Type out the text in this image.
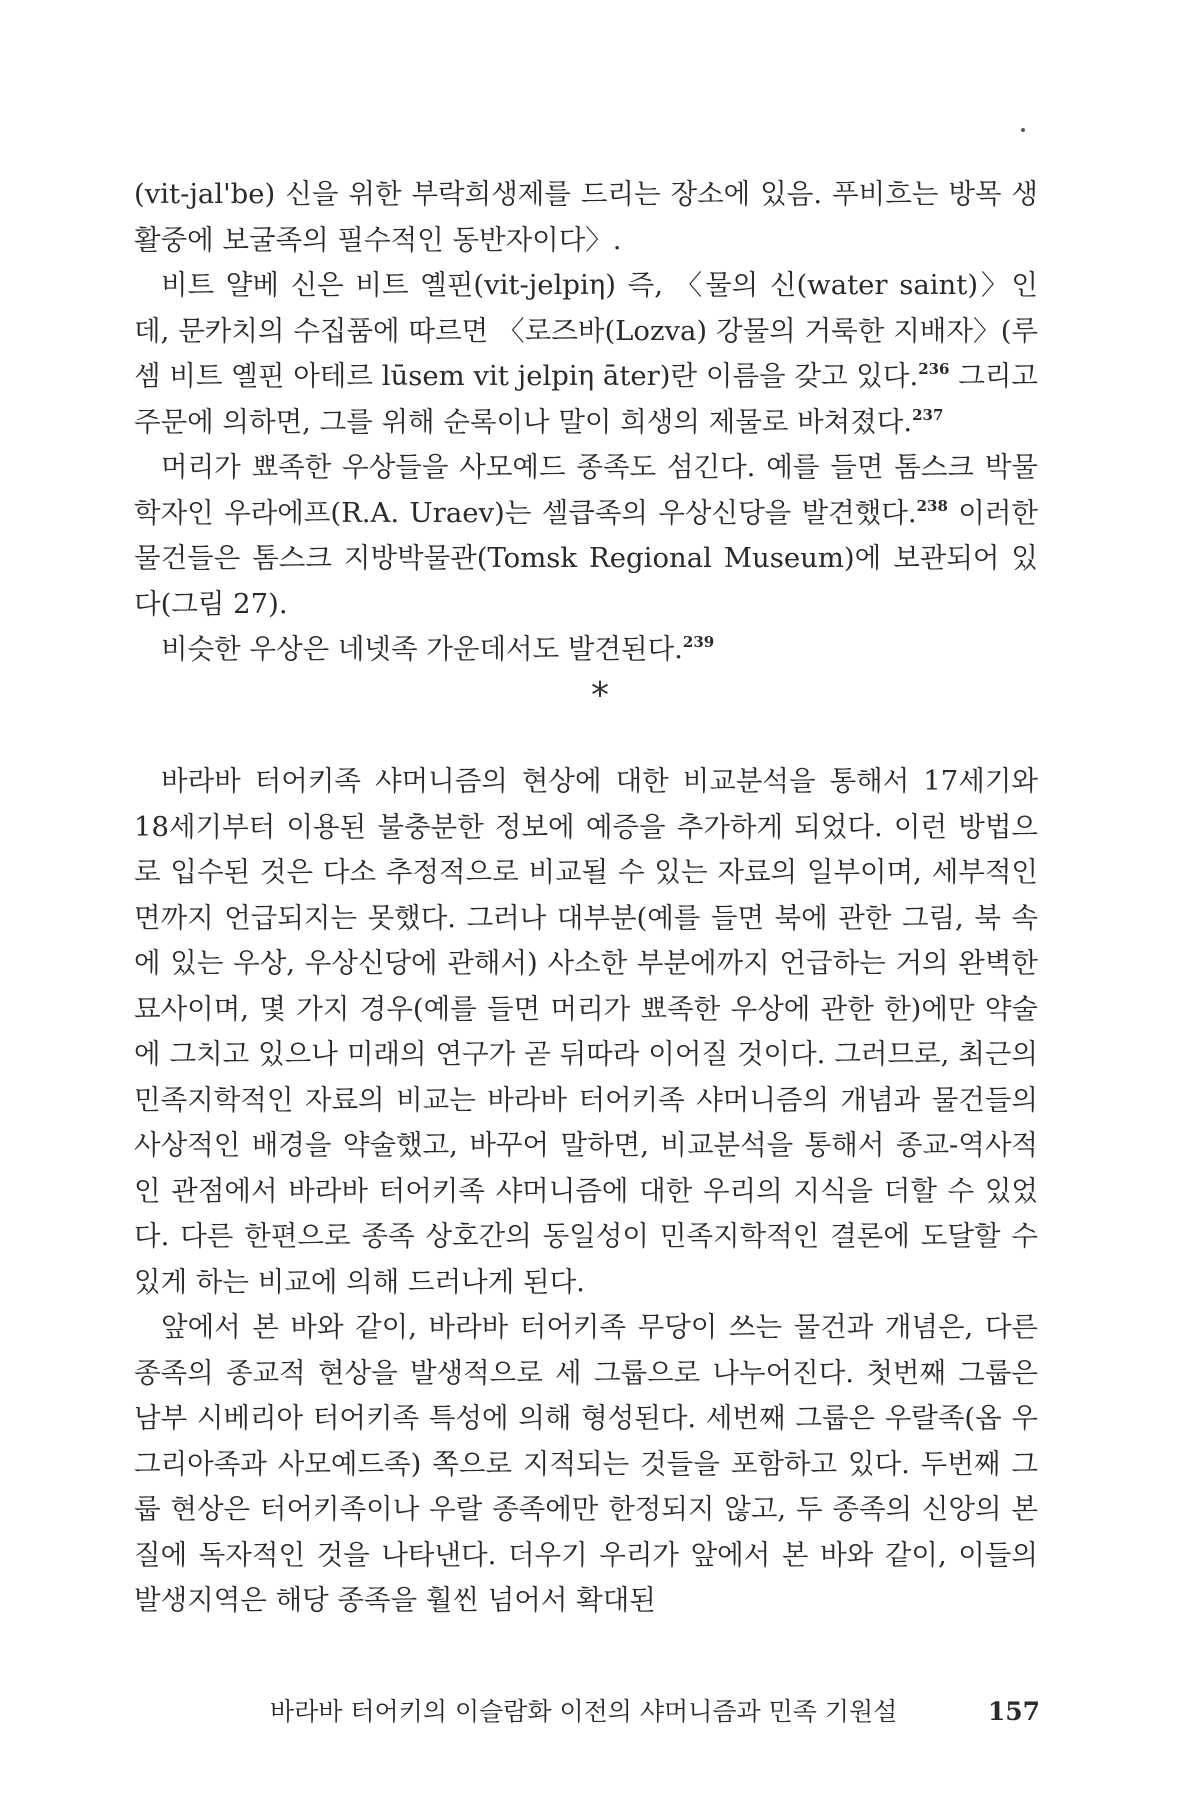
(vit-jal'be) 신을 위한 부락희생제를 드리는 장소에 있음. 푸비흐는 방목 생활중에 보굴족의 필수적인 동반자이다〉.

비트 얄베 신은 비트 옐핀(vit-jelpiη) 즉, 〈물의 신(water saint)〉인데, 문카치의 수집품에 따르면 〈로즈바(Lozva) 강물의 거룩한 지배자〉(루셈 비트 옐핀 아테르 lūsem vit jelpiη āter)란 이름을 갖고 있다.$^{236}$ 그리고 주문에 의하면, 그를 위해 순록이나 말이 희생의 제물로 바쳐졌다.$^{237}$

머리가 뾰족한 우상들을 사모예드 종족도 섬긴다. 예를 들면 톰스크 박물학자인 우라에프(R.A. Uraev)는 셀큽족의 우상신당을 발견했다.$^{238}$ 이러한 물건들은 톰스크 지방박물관(Tomsk Regional Museum)에 보관되어 있다(그림 27).

비슷한 우상은 네넷족 가운데서도 발견된다.$^{239}$

*

바라바 터어키족 샤머니즘의 현상에 대한 비교분석을 통해서 17세기와 18세기부터 이용된 불충분한 정보에 예증을 추가하게 되었다. 이런 방법으로 입수된 것은 다소 추정적으로 비교될 수 있는 자료의 일부이며, 세부적인 면까지 언급되지는 못했다. 그러나 대부분(예를 들면 북에 관한 그림, 북 속에 있는 우상, 우상신당에 관해서) 사소한 부분에까지 언급하는 거의 완벽한 묘사이며, 몇 가지 경우(예를 들면 머리가 뾰족한 우상에 관한 한)에만 약술에 그치고 있으나 미래의 연구가 곧 뒤따라 이어질 것이다. 그러므로, 최근의 민족지학적인 자료의 비교는 바라바 터어키족 샤머니즘의 개념과 물건들의 사상적인 배경을 약술했고, 바꾸어 말하면, 비교분석을 통해서 종교-역사적인 관점에서 바라바 터어키족 샤머니즘에 대한 우리의 지식을 더할 수 있었다. 다른 한편으로 종족 상호간의 동일성이 민족지학적인 결론에 도달할 수 있게 하는 비교에 의해 드러나게 된다.

앞에서 본 바와 같이, 바라바 터어키족 무당이 쓰는 물건과 개념은, 다른 종족의 종교적 현상을 발생적으로 세 그룹으로 나누어진다. 첫번째 그룹은 남부 시베리아 터어키족 특성에 의해 형성된다. 세번째 그룹은 우랄족(옵 우그리아족과 사모예드족) 쪽으로 지적되는 것들을 포함하고 있다. 두번째 그룹 현상은 터어키족이나 우랄 종족에만 한정되지 않고, 두 종족의 신앙의 본질에 독자적인 것을 나타낸다. 더우기 우리가 앞에서 본 바와 같이, 이들의 발생지역은 해당 종족을 훨씬 넘어서 확대된

바라바 터어키의 이슬람화 이전의 샤머니즘과 민족 기원설	157
